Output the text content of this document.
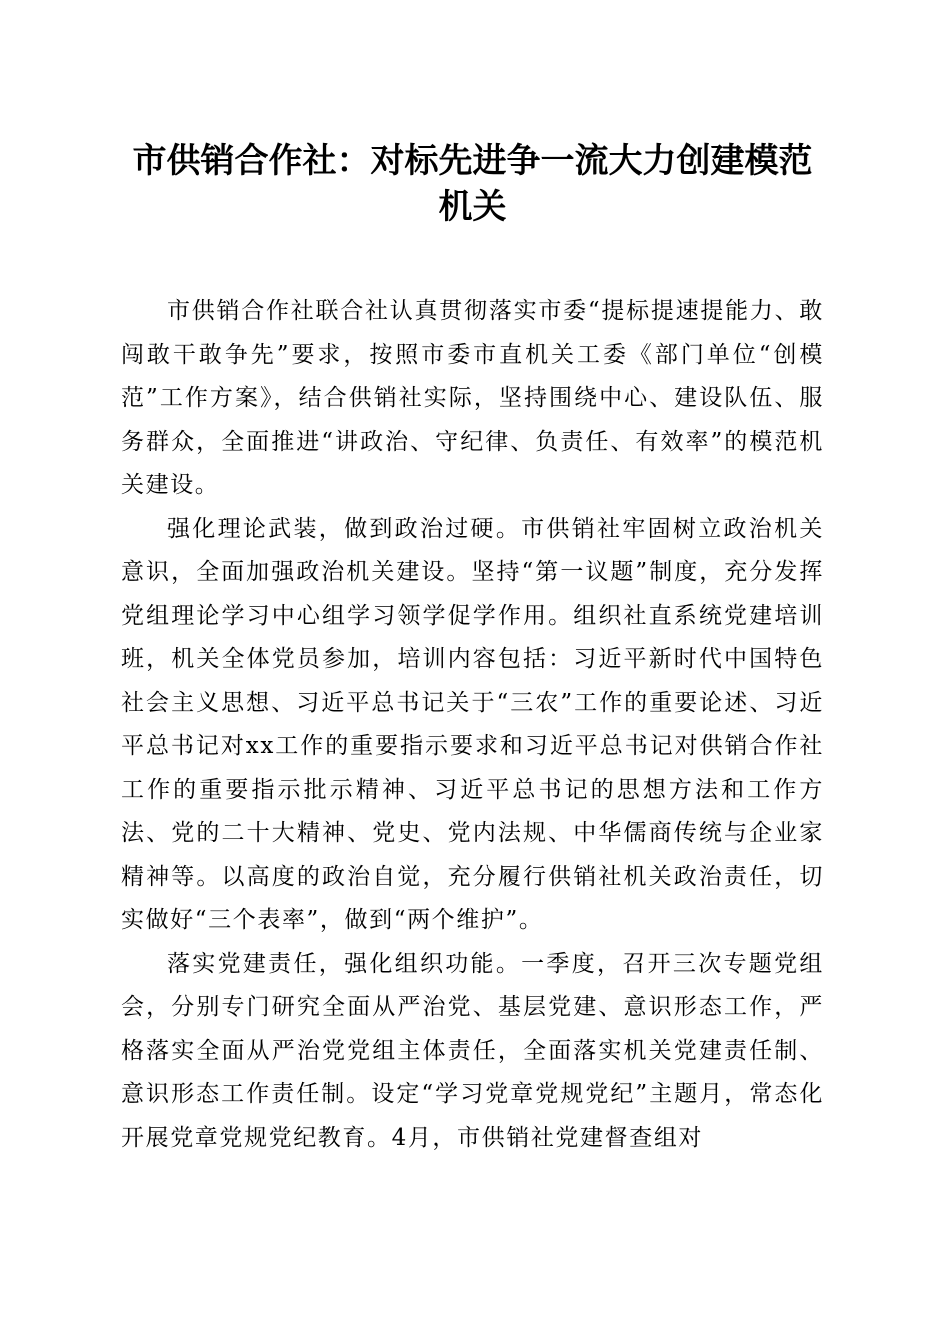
市供销合作社：对标先进争一流大力创建模范
机关

市供销合作社联合社认真贯彻落实市委“提标提速提能力、敢闯敢干敢争先”要求，按照市委市直机关工委《部门单位“创模范”工作方案》，结合供销社实际，坚持围绕中心、建设队伍、服务群众，全面推进“讲政治、守纪律、负责任、有效率”的模范机关建设。

强化理论武装，做到政治过硬。市供销社牢固树立政治机关意识，全面加强政治机关建设。坚持“第一议题”制度，充分发挥党组理论学习中心组学习领学促学作用。组织社直系统党建培训班，机关全体党员参加，培训内容包括：习近平新时代中国特色社会主义思想、习近平总书记关于“三农”工作的重要论述、习近平总书记对xx工作的重要指示要求和习近平总书记对供销合作社工作的重要指示批示精神、习近平总书记的思想方法和工作方法、党的二十大精神、党史、党内法规、中华儒商传统与企业家精神等。以高度的政治自觉，充分履行供销社机关政治责任，切实做好“三个表率”，做到“两个维护”。

落实党建责任，强化组织功能。一季度，召开三次专题党组会，分别专门研究全面从严治党、基层党建、意识形态工作，严格落实全面从严治党党组主体责任，全面落实机关党建责任制、意识形态工作责任制。设定“学习党章党规党纪”主题月，常态化开展党章党规党纪教育。4月，市供销社党建督查组对
